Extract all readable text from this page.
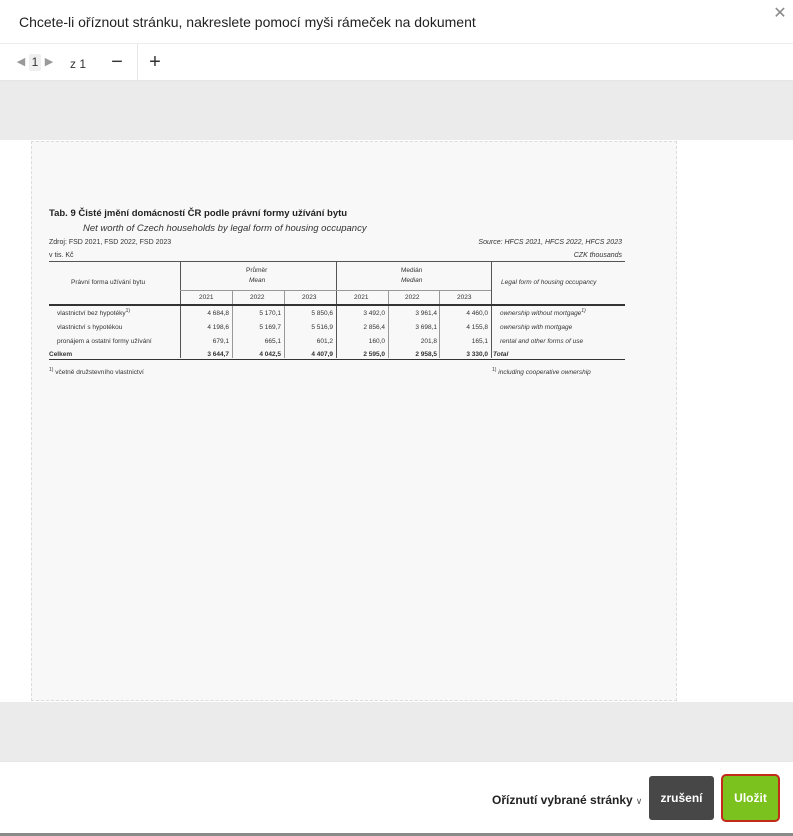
Chcete-li oříznout stránku, nakreslete pomocí myši rámeček na dokument	✕
◀ 1 ▶ z 1 − +
Tab. 9 Čisté jmění domácností ČR podle právní formy užívání bytu
Net worth of Czech households by legal form of housing occupancy
Zdroj: FSD 2021, FSD 2022, FSD 2023	Source: HFCS 2021, HFCS 2022, HFCS 2023
v tis. Kč	CZK thousands
Právní forma užívání bytu	Legal form of housing occupancy
Průměr
Mean
Medián
Median
2021	2022	2023	2021	2022	2023
vlastnictví bez hypotéky$^{1)}$	4 684,8	5 170,1	5 850,6	3 492,0	3 961,4	4 460,0 ownership without mortgage$^{1)}$
vlastnictví s hypotékou	4 198,6	5 169,7	5 516,9	2 856,4	3 698,1	4 155,8 ownership with mortgage
pronájem a ostatní formy užívání	679,1	665,1	601,2	160,0	201,8	165,1 rental and other forms of use
Celkem	3 644,7	4 042,5	4 407,9	2 595,0	2 958,5	3 330,0 Total
$^{1)}$ včetně družstevního vlastnictví	$^{1)}$ including cooperative ownership
Oříznutí vybrané stránky ∨	zrušení	Uložit
